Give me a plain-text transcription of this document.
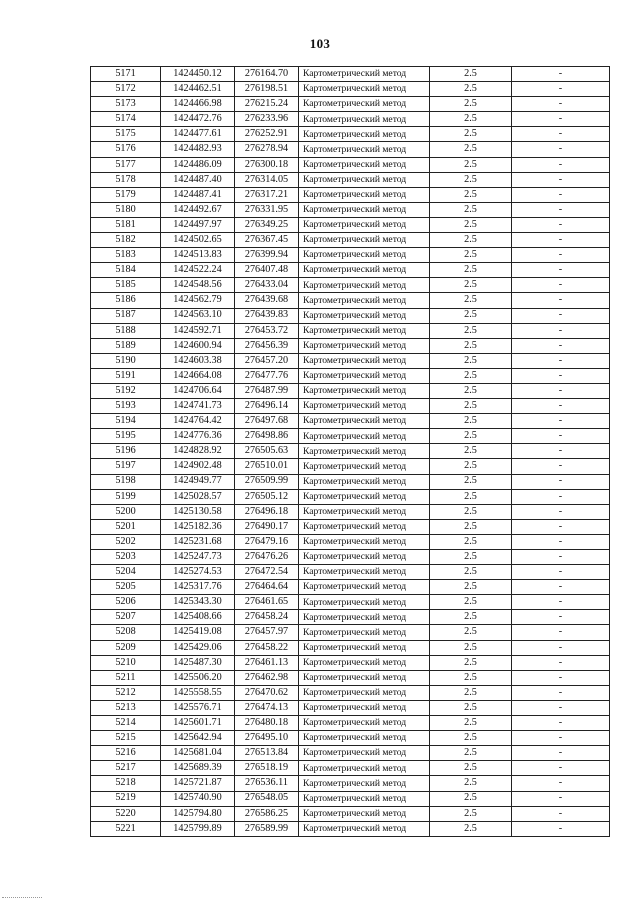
103
5171	1424450.12	276164.70	Картометрический метод	2.5	-
5172	1424462.51	276198.51	Картометрический метод	2.5	-
5173	1424466.98	276215.24	Картометрический метод	2.5	-
5174	1424472.76	276233.96	Картометрический метод	2.5	-
5175	1424477.61	276252.91	Картометрический метод	2.5	-
5176	1424482.93	276278.94	Картометрический метод	2.5	-
5177	1424486.09	276300.18	Картометрический метод	2.5	-
5178	1424487.40	276314.05	Картометрический метод	2.5	-
5179	1424487.41	276317.21	Картометрический метод	2.5	-
5180	1424492.67	276331.95	Картометрический метод	2.5	-
5181	1424497.97	276349.25	Картометрический метод	2.5	-
5182	1424502.65	276367.45	Картометрический метод	2.5	-
5183	1424513.83	276399.94	Картометрический метод	2.5	-
5184	1424522.24	276407.48	Картометрический метод	2.5	-
5185	1424548.56	276433.04	Картометрический метод	2.5	-
5186	1424562.79	276439.68	Картометрический метод	2.5	-
5187	1424563.10	276439.83	Картометрический метод	2.5	-
5188	1424592.71	276453.72	Картометрический метод	2.5	-
5189	1424600.94	276456.39	Картометрический метод	2.5	-
5190	1424603.38	276457.20	Картометрический метод	2.5	-
5191	1424664.08	276477.76	Картометрический метод	2.5	-
5192	1424706.64	276487.99	Картометрический метод	2.5	-
5193	1424741.73	276496.14	Картометрический метод	2.5	-
5194	1424764.42	276497.68	Картометрический метод	2.5	-
5195	1424776.36	276498.86	Картометрический метод	2.5	-
5196	1424828.92	276505.63	Картометрический метод	2.5	-
5197	1424902.48	276510.01	Картометрический метод	2.5	-
5198	1424949.77	276509.99	Картометрический метод	2.5	-
5199	1425028.57	276505.12	Картометрический метод	2.5	-
5200	1425130.58	276496.18	Картометрический метод	2.5	-
5201	1425182.36	276490.17	Картометрический метод	2.5	-
5202	1425231.68	276479.16	Картометрический метод	2.5	-
5203	1425247.73	276476.26	Картометрический метод	2.5	-
5204	1425274.53	276472.54	Картометрический метод	2.5	-
5205	1425317.76	276464.64	Картометрический метод	2.5	-
5206	1425343.30	276461.65	Картометрический метод	2.5	-
5207	1425408.66	276458.24	Картометрический метод	2.5	-
5208	1425419.08	276457.97	Картометрический метод	2.5	-
5209	1425429.06	276458.22	Картометрический метод	2.5	-
5210	1425487.30	276461.13	Картометрический метод	2.5	-
5211	1425506.20	276462.98	Картометрический метод	2.5	-
5212	1425558.55	276470.62	Картометрический метод	2.5	-
5213	1425576.71	276474.13	Картометрический метод	2.5	-
5214	1425601.71	276480.18	Картометрический метод	2.5	-
5215	1425642.94	276495.10	Картометрический метод	2.5	-
5216	1425681.04	276513.84	Картометрический метод	2.5	-
5217	1425689.39	276518.19	Картометрический метод	2.5	-
5218	1425721.87	276536.11	Картометрический метод	2.5	-
5219	1425740.90	276548.05	Картометрический метод	2.5	-
5220	1425794.80	276586.25	Картометрический метод	2.5	-
5221	1425799.89	276589.99	Картометрический метод	2.5	-
